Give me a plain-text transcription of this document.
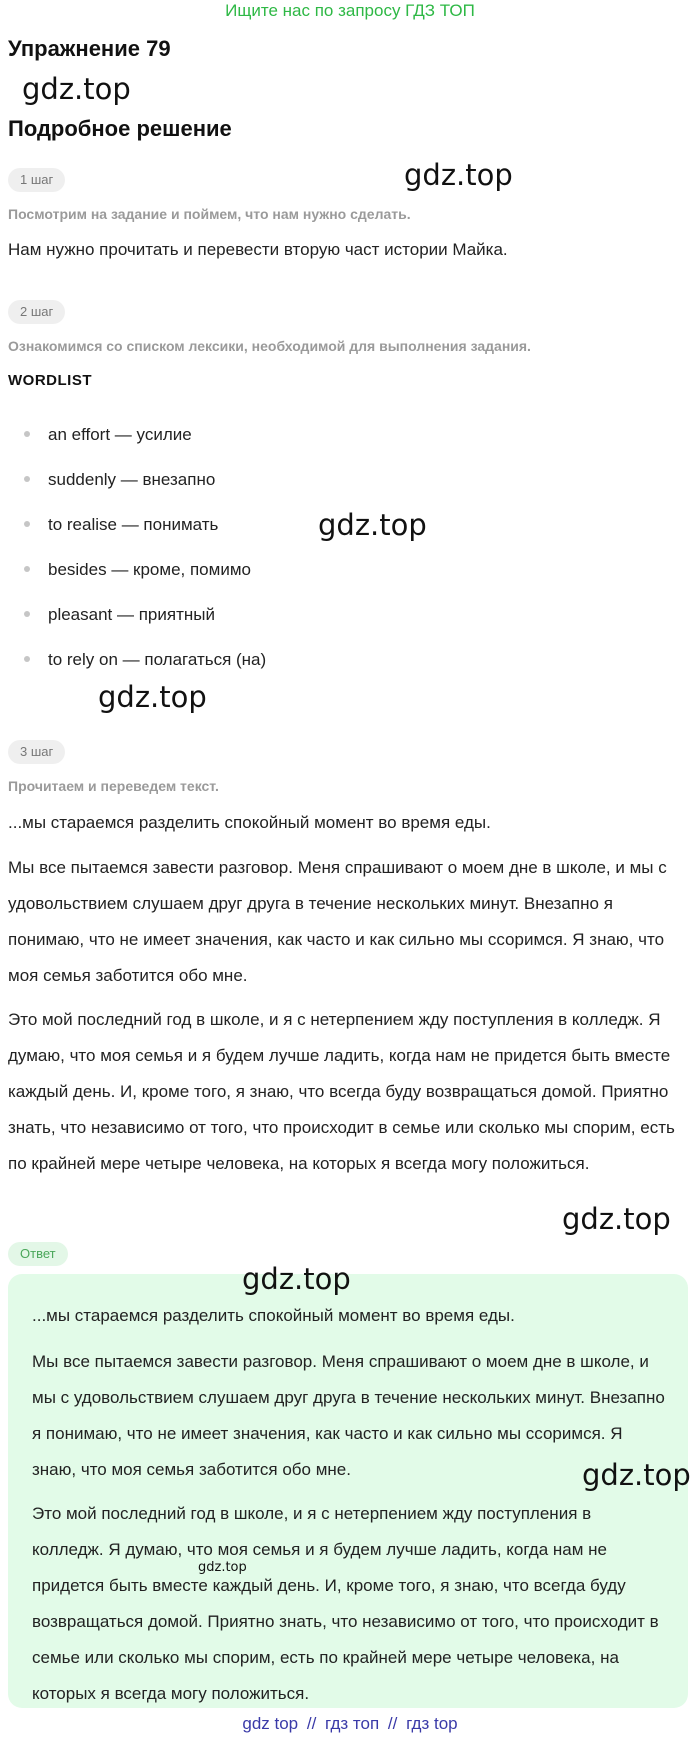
Ищите нас по запросу ГДЗ ТОП
Упражнение 79
gdz.top
Подробное решение
1 шаг	gdz.top
Посмотрим на задание и поймем, что нам нужно сделать.
Нам нужно прочитать и перевести вторую част истории Майка.
2 шаг
Ознакомимся со списком лексики, необходимой для выполнения задания.
WORDLIST
an effort — усилие
suddenly — внезапно
to realise — понимать
besides — кроме, помимо
pleasant — приятный
to rely on — полагаться (на)
gdz.top
gdz.top
3 шаг
Прочитаем и переведем текст.
...мы стараемся разделить спокойный момент во время еды.
Мы все пытаемся завести разговор. Меня спрашивают о моем дне в школе, и мы с удовольствием слушаем друг друга в течение нескольких минут. Внезапно я понимаю, что не имеет значения, как часто и как сильно мы ссоримся. Я знаю, что моя семья заботится обо мне.
Это мой последний год в школе, и я с нетерпением жду поступления в колледж. Я думаю, что моя семья и я будем лучше ладить, когда нам не придется быть вместе каждый день. И, кроме того, я знаю, что всегда буду возвращаться домой. Приятно знать, что независимо от того, что происходит в семье или сколько мы спорим, есть по крайней мере четыре человека, на которых я всегда могу положиться.
gdz.top
Ответ
gdz.top
...мы стараемся разделить спокойный момент во время еды.
Мы все пытаемся завести разговор. Меня спрашивают о моем дне в школе, и мы с удовольствием слушаем друг друга в течение нескольких минут. Внезапно я понимаю, что не имеет значения, как часто и как сильно мы ссоримся. Я знаю, что моя семья заботится обо мне.
Это мой последний год в школе, и я с нетерпением жду поступления в колледж. Я думаю, что моя семья и я будем лучше ладить, когда нам не придется быть вместе каждый день. И, кроме того, я знаю, что всегда буду возвращаться домой. Приятно знать, что независимо от того, что происходит в семье или сколько мы спорим, есть по крайней мере четыре человека, на которых я всегда могу положиться.
gdz.top
gdz.top
gdz top // гдз топ // гдз top
